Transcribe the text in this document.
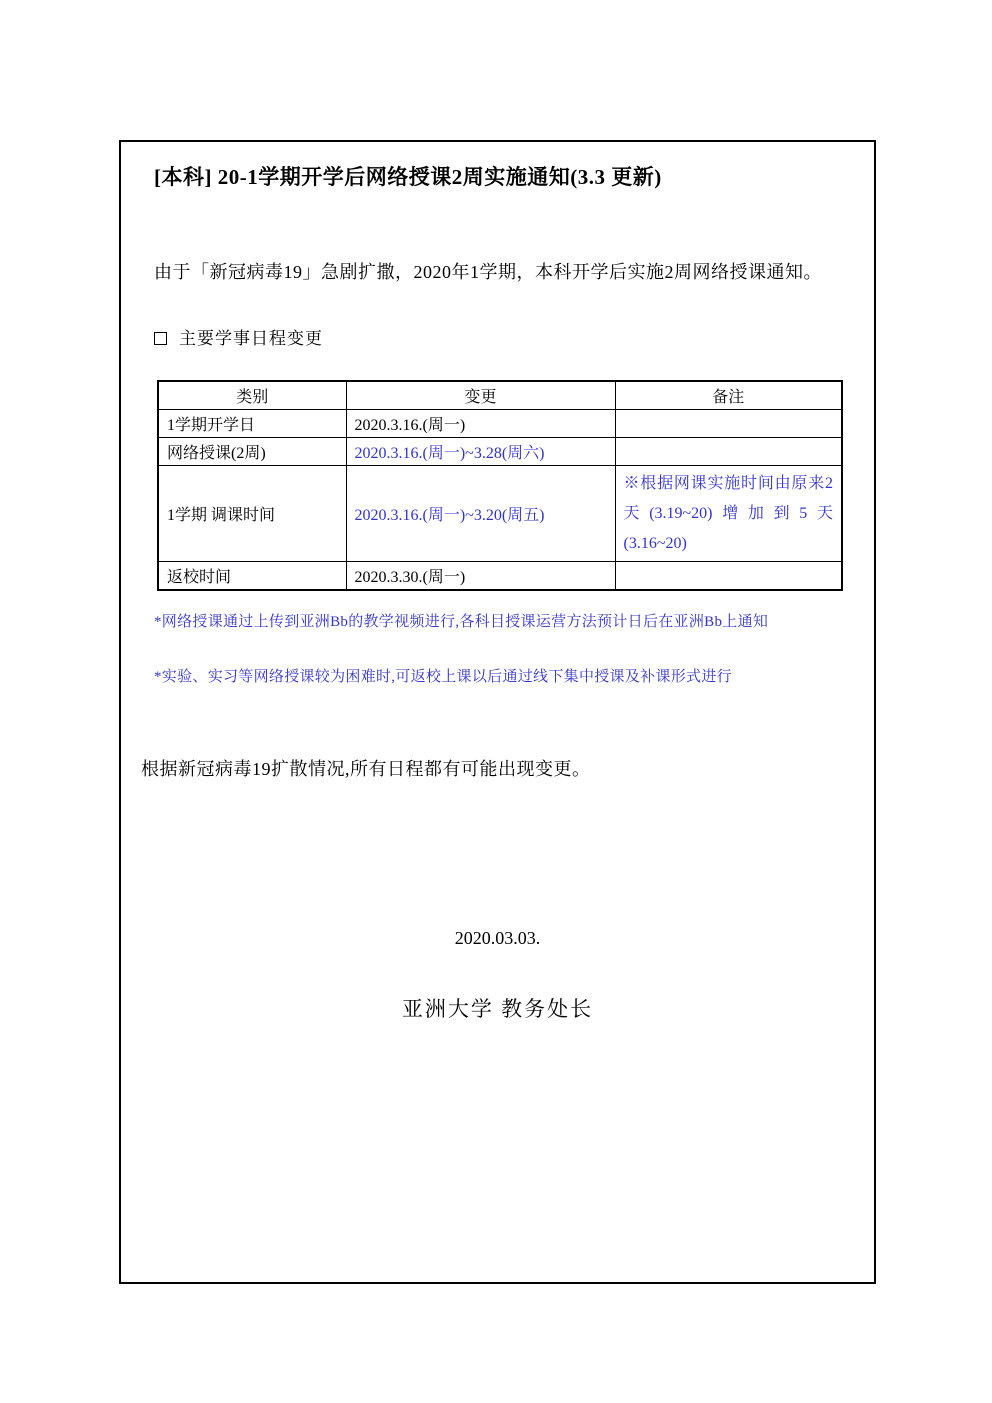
[本科] 20-1学期开学后网络授课2周实施通知(3.3 更新)
由于「新冠病毒19」急剧扩撒，2020年1学期，本科开学后实施2周网络授课通知。
主要学事日程变更
类别	变更	备注
1学期开学日	2020.3.16.(周一)	
网络授课(2周)	2020.3.16.(周一)~3.28(周六)	
1学期 调课时间	2020.3.16.(周一)~3.20(周五)	※根据网课实施时间由原来2天(3.19~20)增加到5天(3.16~20)
返校时间	2020.3.30.(周一)	
*网络授课通过上传到亚洲Bb的教学视频进行,各科目授课运营方法预计日后在亚洲Bb上通知
*实验、实习等网络授课较为困难时,可返校上课以后通过线下集中授课及补课形式进行
根据新冠病毒19扩散情况,所有日程都有可能出现变更。
2020.03.03.
亚洲大学 教务处长
